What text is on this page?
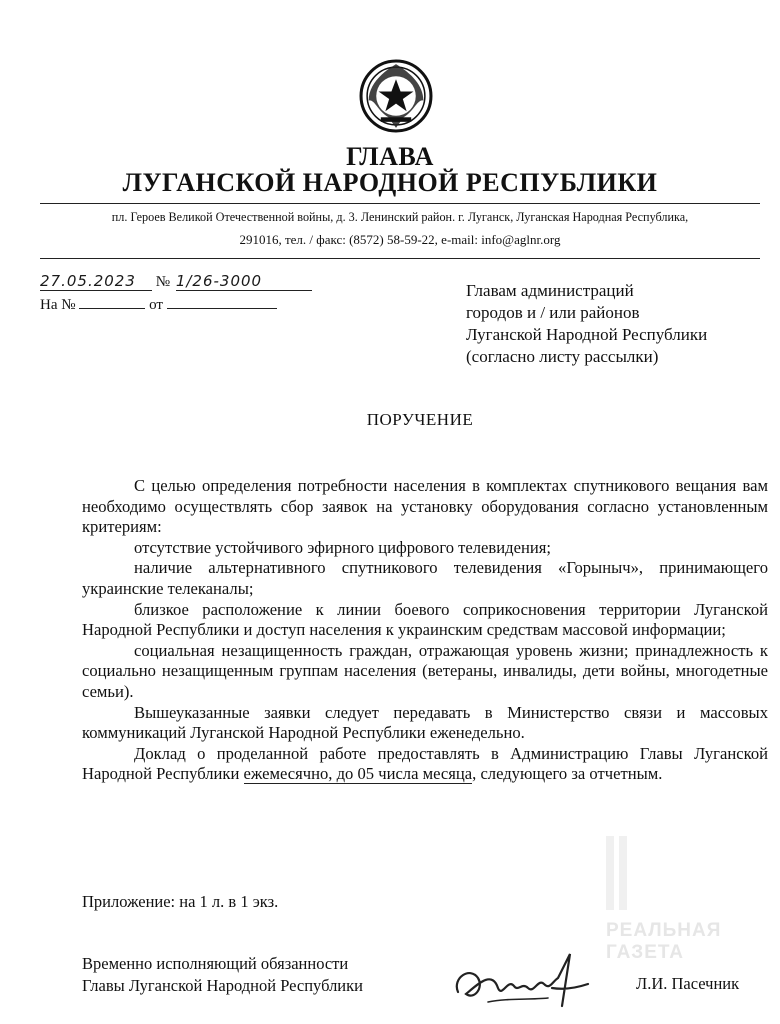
ГЛАВА
ЛУГАНСКОЙ НАРОДНОЙ РЕСПУБЛИКИ
пл. Героев Великой Отечественной войны, д. 3. Ленинский район. г. Луганск, Луганская Народная Республика,
291016, тел. / факс: (8572) 58-59-22, e-mail: info@aglnr.org
27.05.2023 № 1/26-3000
На №	от
Главам администраций
городов и / или районов
Луганской Народной Республики
(согласно листу рассылки)
ПОРУЧЕНИЕ

С целью определения потребности населения в комплектах спутникового вещания вам необходимо осуществлять сбор заявок на установку оборудования согласно установленным критериям:

отсутствие устойчивого эфирного цифрового телевидения;

наличие альтернативного спутникового телевидения «Горыныч», принимающего украинские телеканалы;

близкое расположение к линии боевого соприкосновения территории Луганской Народной Республики и доступ населения к украинским средствам массовой информации;

социальная незащищенность граждан, отражающая уровень жизни; принадлежность к социально незащищенным группам населения (ветераны, инвалиды, дети войны, многодетные семьи).

Вышеуказанные заявки следует передавать в Министерство связи и массовых коммуникаций Луганской Народной Республики еженедельно.

Доклад о проделанной работе предоставлять в Администрацию Главы Луганской Народной Республики ежемесячно, до 05 числа месяца, следующего за отчетным.

Приложение: на 1 л. в 1 экз.
Временно исполняющий обязанности
Главы Луганской Народной Республики	Л.И. Пасечник
РЕАЛЬНАЯ
ГАЗЕТА
